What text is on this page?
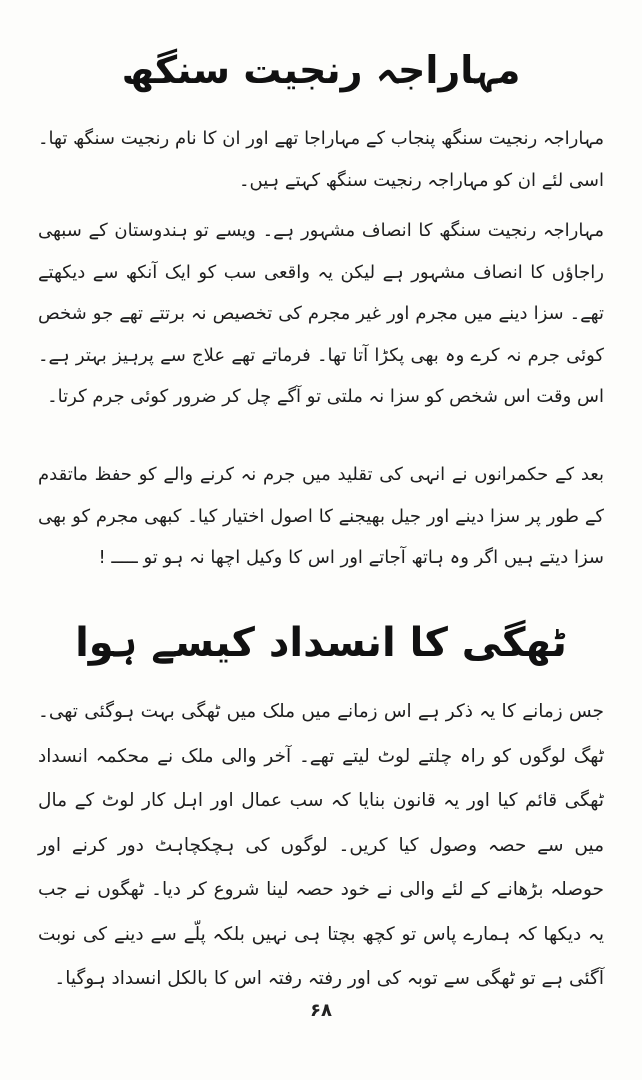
مہاراجہ رنجیت سنگھ

مہاراجہ رنجیت سنگھ پنجاب کے مہاراجا تھے اور ان کا نام رنجیت سنگھ تھا۔ اسی لئے ان کو مہاراجہ رنجیت سنگھ کہتے ہیں۔

مہاراجہ رنجیت سنگھ کا انصاف مشہور ہے۔ ویسے تو ہندوستان کے سبھی راجاؤں کا انصاف مشہور ہے لیکن یہ واقعی سب کو ایک آنکھ سے دیکھتے تھے۔ سزا دینے میں مجرم اور غیر مجرم کی تخصیص نہ برتتے تھے جو شخص کوئی جرم نہ کرے وہ بھی پکڑا آتا تھا۔ فرماتے تھے علاج سے پرہیز بہتر ہے۔ اس وقت اس شخص کو سزا نہ ملتی تو آگے چل کر ضرور کوئی جرم کرتا۔

بعد کے حکمرانوں نے انہی کی تقلید میں جرم نہ کرنے والے کو حفظ ماتقدم کے طور پر سزا دینے اور جیل بھیجنے کا اصول اختیار کیا۔ کبھی مجرم کو بھی سزا دیتے ہیں اگر وہ ہاتھ آجاتے اور اس کا وکیل اچھا نہ ہو تو ـــــ !

ٹھگی کا انسداد کیسے ہوا

جس زمانے کا یہ ذکر ہے اس زمانے میں ملک میں ٹھگی بہت ہوگئی تھی۔ ٹھگ لوگوں کو راہ چلتے لوٹ لیتے تھے۔ آخر والی ملک نے محکمہ انسداد ٹھگی قائم کیا اور یہ قانون بنایا کہ سب عمال اور اہل کار لوٹ کے مال میں سے حصہ وصول کیا کریں۔ لوگوں کی ہچکچاہٹ دور کرنے اور حوصلہ بڑھانے کے لئے والی نے خود حصہ لینا شروع کر دیا۔ ٹھگوں نے جب یہ دیکھا کہ ہمارے پاس تو کچھ بچتا ہی نہیں بلکہ پلّے سے دینے کی نوبت آگئی ہے تو ٹھگی سے توبہ کی اور رفتہ رفتہ اس کا بالکل انسداد ہوگیا۔

۶۸
